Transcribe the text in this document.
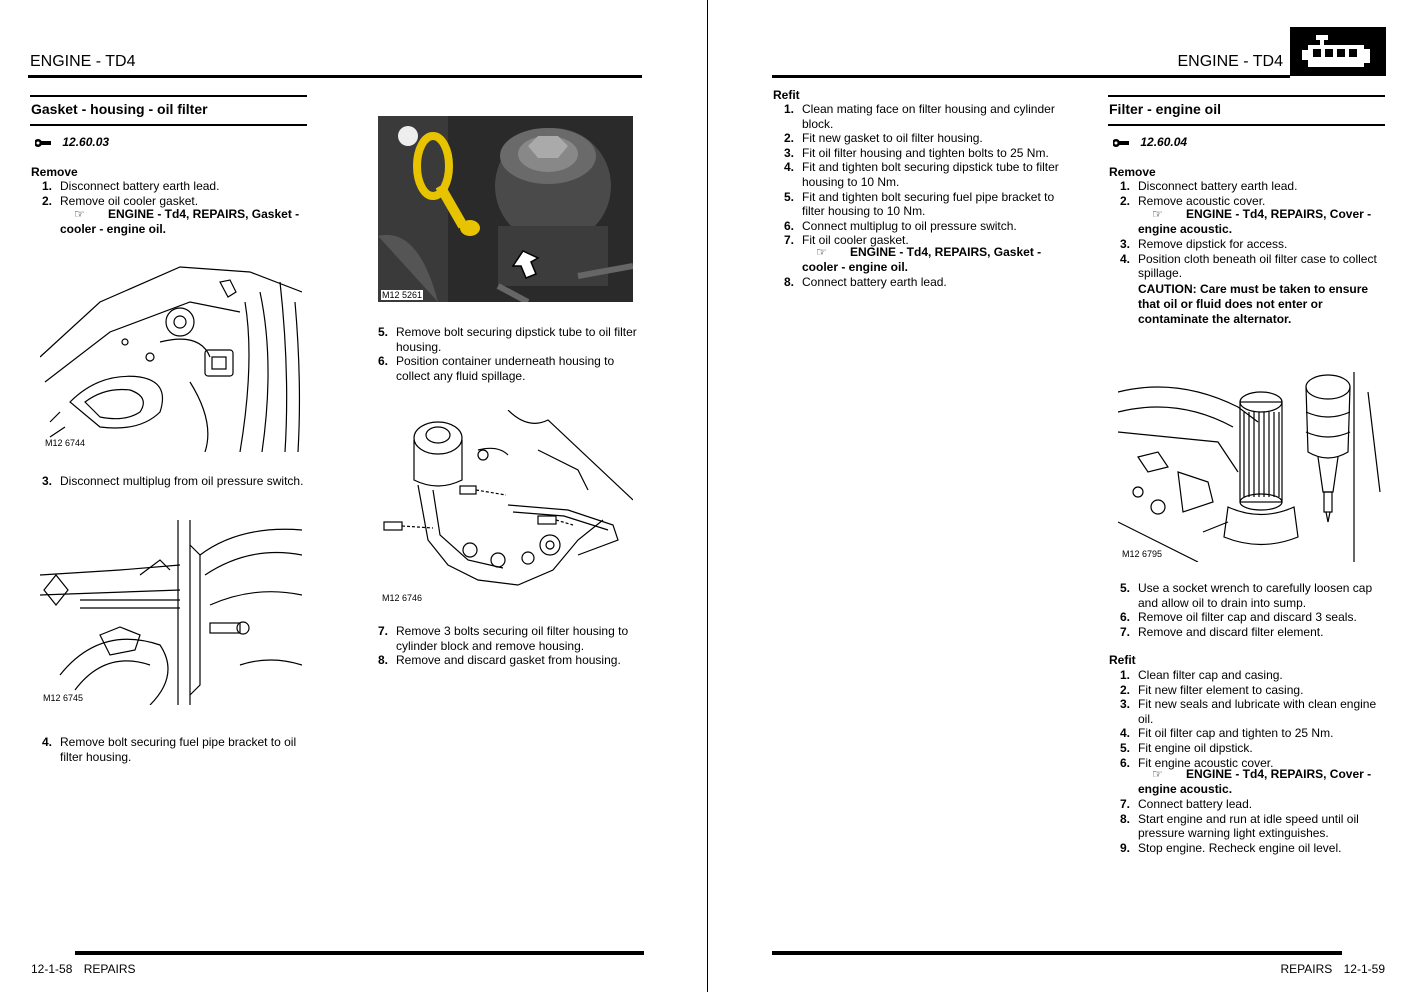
ENGINE - TD4
Gasket - housing - oil filter
12.60.03
Remove
1. Disconnect battery earth lead.
2. Remove oil cooler gasket.
☞ ENGINE - Td4, REPAIRS, Gasket - cooler - engine oil.
M12 6744
3. Disconnect multiplug from oil pressure switch.
M12 6745
4. Remove bolt securing fuel pipe bracket to oil filter housing.
M12 5261
5. Remove bolt securing dipstick tube to oil filter housing.
6. Position container underneath housing to collect any fluid spillage.
M12 6746
7. Remove 3 bolts securing oil filter housing to cylinder block and remove housing.
8. Remove and discard gasket from housing.
12-1-58 REPAIRS
ENGINE - TD4
Refit
1. Clean mating face on filter housing and cylinder block.
2. Fit new gasket to oil filter housing.
3. Fit oil filter housing and tighten bolts to 25 Nm.
4. Fit and tighten bolt securing dipstick tube to filter housing to 10 Nm.
5. Fit and tighten bolt securing fuel pipe bracket to filter housing to 10 Nm.
6. Connect multiplug to oil pressure switch.
7. Fit oil cooler gasket.
☞ ENGINE - Td4, REPAIRS, Gasket - cooler - engine oil.
8. Connect battery earth lead.
Filter - engine oil
12.60.04
Remove
1. Disconnect battery earth lead.
2. Remove acoustic cover.
☞ ENGINE - Td4, REPAIRS, Cover - engine acoustic.
3. Remove dipstick for access.
4. Position cloth beneath oil filter case to collect spillage.
CAUTION: Care must be taken to ensure that oil or fluid does not enter or contaminate the alternator.
M12 6795
5. Use a socket wrench to carefully loosen cap and allow oil to drain into sump.
6. Remove oil filter cap and discard 3 seals.
7. Remove and discard filter element.
Refit
1. Clean filter cap and casing.
2. Fit new filter element to casing.
3. Fit new seals and lubricate with clean engine oil.
4. Fit oil filter cap and tighten to 25 Nm.
5. Fit engine oil dipstick.
6. Fit engine acoustic cover.
☞ ENGINE - Td4, REPAIRS, Cover - engine acoustic.
7. Connect battery lead.
8. Start engine and run at idle speed until oil pressure warning light extinguishes.
9. Stop engine. Recheck engine oil level.
REPAIRS 12-1-59
